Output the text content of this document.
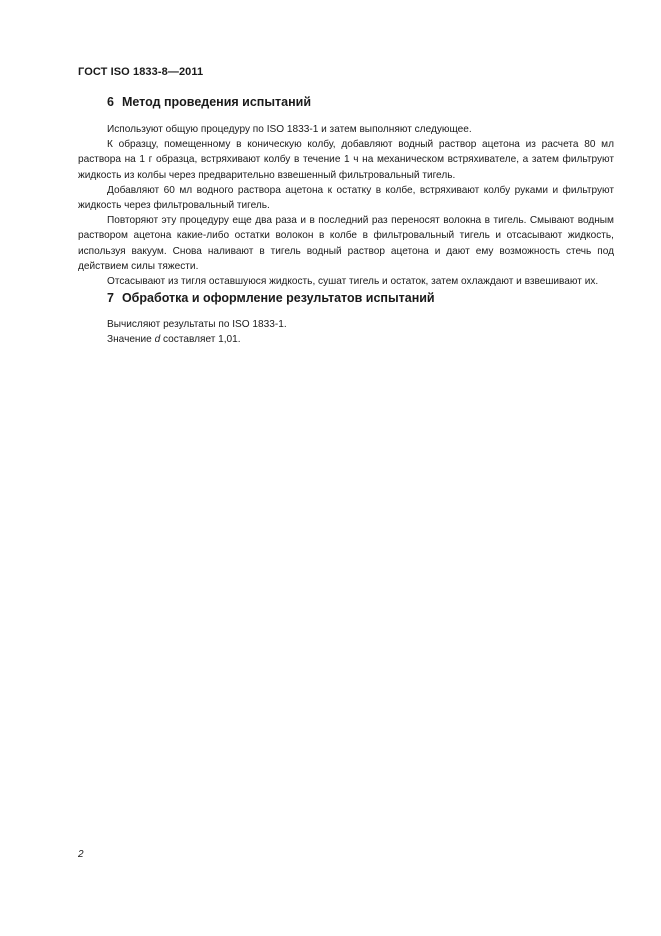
ГОСТ ISO 1833-8—2011
6 Метод проведения испытаний

Используют общую процедуру по ISO 1833-1 и затем выполняют следующее.

К образцу, помещенному в коническую колбу, добавляют водный раствор ацетона из расчета 80 мл раствора на 1 г образца, встряхивают колбу в течение 1 ч на механическом встряхивателе, а затем фильтруют жидкость из колбы через предварительно взвешенный фильтровальный тигель.

Добавляют 60 мл водного раствора ацетона к остатку в колбе, встряхивают колбу руками и фильтруют жидкость через фильтровальный тигель.

Повторяют эту процедуру еще два раза и в последний раз переносят волокна в тигель. Смывают водным раствором ацетона какие-либо остатки волокон в колбе в фильтровальный тигель и отсасывают жидкость, используя вакуум. Снова наливают в тигель водный раствор ацетона и дают ему возможность стечь под действием силы тяжести.

Отсасывают из тигля оставшуюся жидкость, сушат тигель и остаток, затем охлаждают и взвешивают их.

7 Обработка и оформление результатов испытаний

Вычисляют результаты по ISO 1833-1.

Значение d составляет 1,01.

2
